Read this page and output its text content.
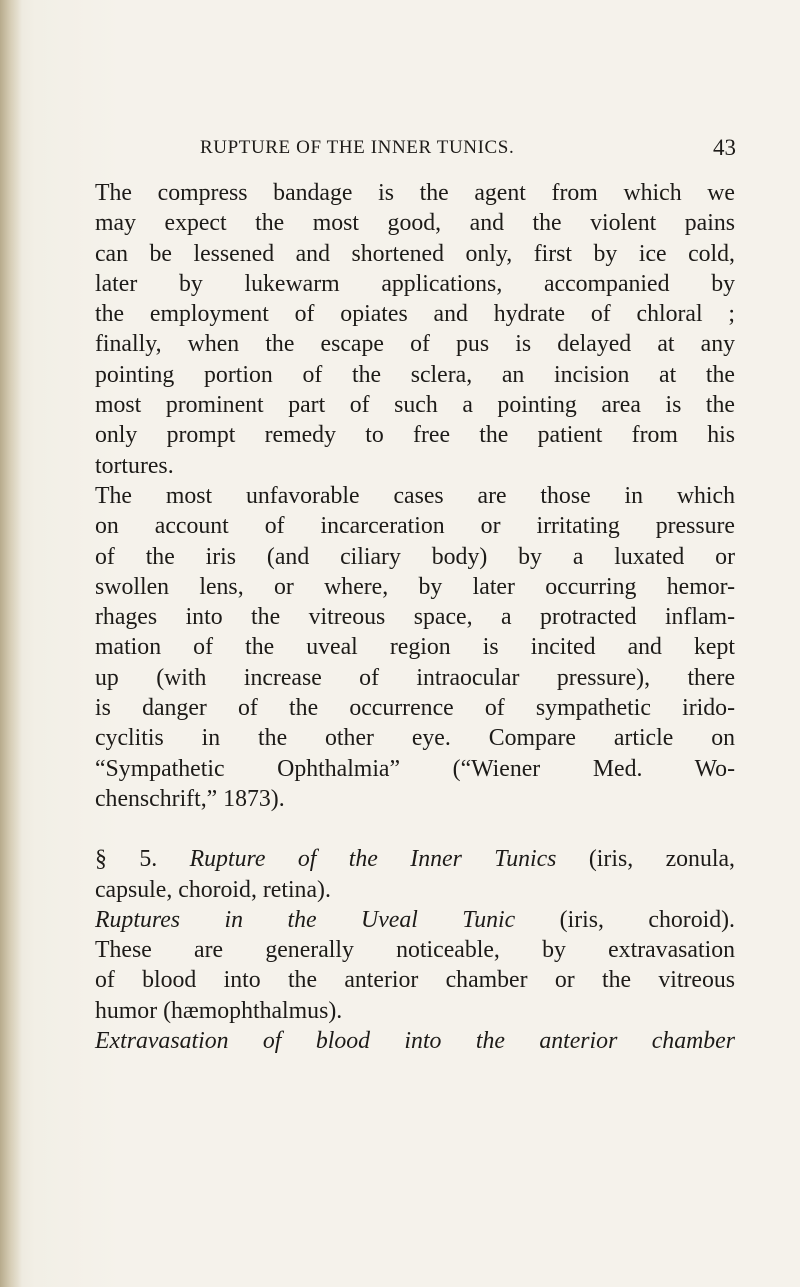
RUPTURE OF THE INNER TUNICS.	43
The compress bandage is the agent from which we
may expect the most good, and the violent pains
can be lessened and shortened only, first by ice cold,
later by lukewarm applications, accompanied by
the employment of opiates and hydrate of chloral ;
finally, when the escape of pus is delayed at any
pointing portion of the sclera, an incision at the
most prominent part of such a pointing area is the
only prompt remedy to free the patient from his
tortures.
The most unfavorable cases are those in which
on account of incarceration or irritating pressure
of the iris (and ciliary body) by a luxated or
swollen lens, or where, by later occurring hemor-
rhages into the vitreous space, a protracted inflam-
mation of the uveal region is incited and kept
up (with increase of intraocular pressure), there
is danger of the occurrence of sympathetic irido-
cyclitis in the other eye. Compare article on
“Sympathetic Ophthalmia” (“Wiener Med. Wo-
chenschrift,” 1873).
§ 5. Rupture of the Inner Tunics (iris, zonula,
capsule, choroid, retina).
Ruptures in the Uveal Tunic (iris, choroid).
These are generally noticeable, by extravasation
of blood into the anterior chamber or the vitreous
humor (hæmophthalmus).
Extravasation of blood into the anterior chamber
